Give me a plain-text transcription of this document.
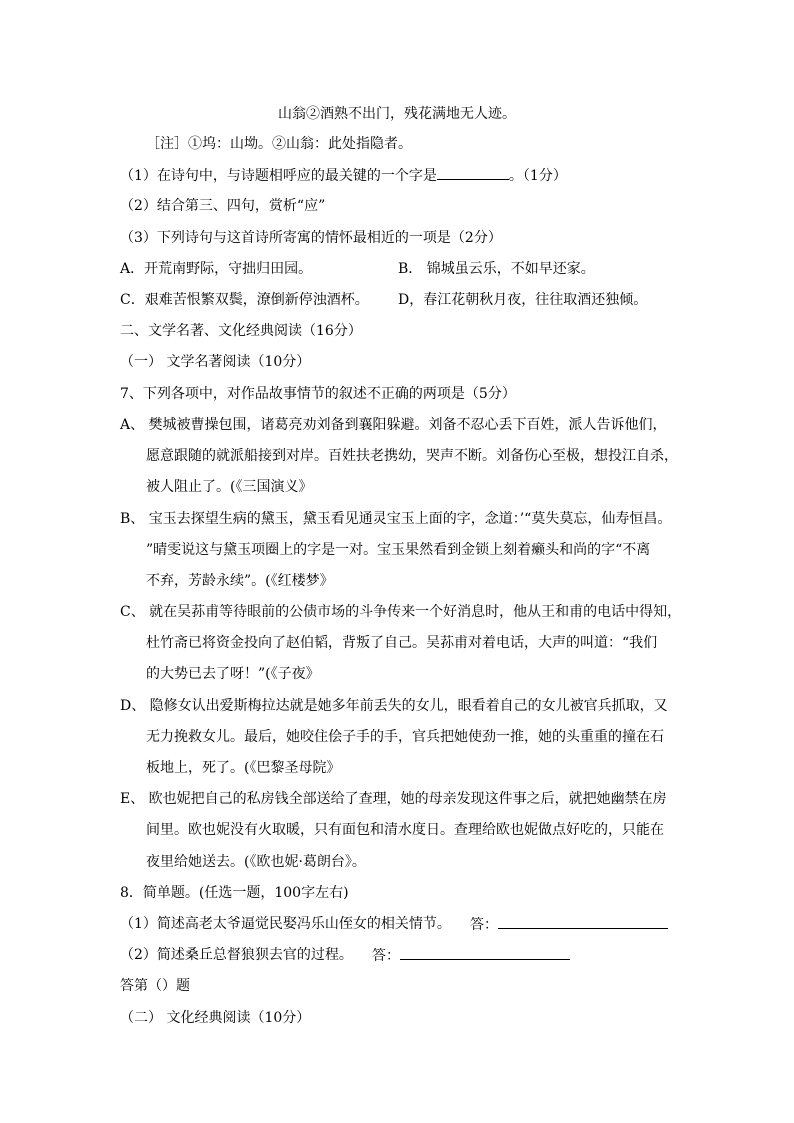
山翁②酒熟不出门，残花满地无人迹。
［注］①坞：山坳。②山翁：此处指隐者。
（1）在诗句中，与诗题相呼应的最关键的一个字是	。（1分）
（2）结合第三、四句，赏析“应”
（3）下列诗句与这首诗所寄寓的情怀最相近的一项是（2分）
A．开荒南野际，守拙归田园。	B． 锦城虽云乐，不如早还家。
C．艰难苦恨繁双鬓，潦倒新停浊酒杯。 D，春江花朝秋月夜，往往取酒还独倾。
二、文学名著、文化经典阅读（16分）
（一） 文学名著阅读（10分）
7、下列各项中，对作品故事情节的叙述不正确的两项是（5分）
A、 樊城被曹操包围，诸葛亮劝刘备到襄阳躲避。刘备不忍心丢下百姓，派人告诉他们，
愿意跟随的就派船接到对岸。百姓扶老携幼，哭声不断。刘备伤心至极，想投江自杀，
被人阻止了。(《三国演义》
B、 宝玉去探望生病的黛玉，黛玉看见通灵宝玉上面的字，念道：’“莫失莫忘，仙寿恒昌。
”晴雯说这与黛玉项圈上的字是一对。宝玉果然看到金锁上刻着癞头和尚的字“不离
不弃，芳龄永续”。(《红楼梦》
C、 就在吴荪甫等待眼前的公债市场的斗争传来一个好消息时，他从王和甫的电话中得知，
杜竹斋已将资金投向了赵伯韬，背叛了自己。吴荪甫对着电话，大声的叫道：“我们
的大势已去了呀！”(《子夜》
D、 隐修女认出爱斯梅拉达就是她多年前丢失的女儿，眼看着自己的女儿被官兵抓取，又
无力挽救女儿。最后，她咬住侩子手的手，官兵把她使劲一推，她的头重重的撞在石
板地上，死了。(《巴黎圣母院》
E、 欧也妮把自己的私房钱全部送给了查理，她的母亲发现这件事之后，就把她幽禁在房
间里。欧也妮没有火取暖，只有面包和清水度日。查理给欧也妮做点好吃的，只能在
夜里给她送去。(《欧也妮·葛朗台》。
8．简单题。(任选一题，100字左右)
（1）简述高老太爷逼觉民娶冯乐山侄女的相关情节。 答：
（2）简述桑丘总督狼狈去官的过程。 答：
答第（）题
（二） 文化经典阅读（10分）
